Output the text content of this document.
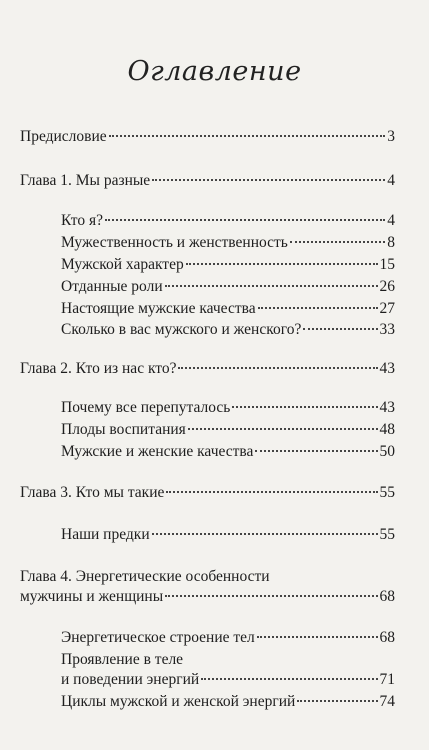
Оглавление
Предисловие	3
Глава 1. Мы разные	4
Кто я?	4
Мужественность и женственность	8
Мужской характер	15
Отданные роли	26
Настоящие мужские качества	27
Сколько в вас мужского и женского?	33
Глава 2. Кто из нас кто?	43
Почему все перепуталось	43
Плоды воспитания	48
Мужские и женские качества	50
Глава 3. Кто мы такие	55
Наши предки	55
Глава 4. Энергетические особенности
мужчины и женщины	68
Энергетическое строение тел	68
Проявление в теле
и поведении энергий	71
Циклы мужской и женской энергий	74
